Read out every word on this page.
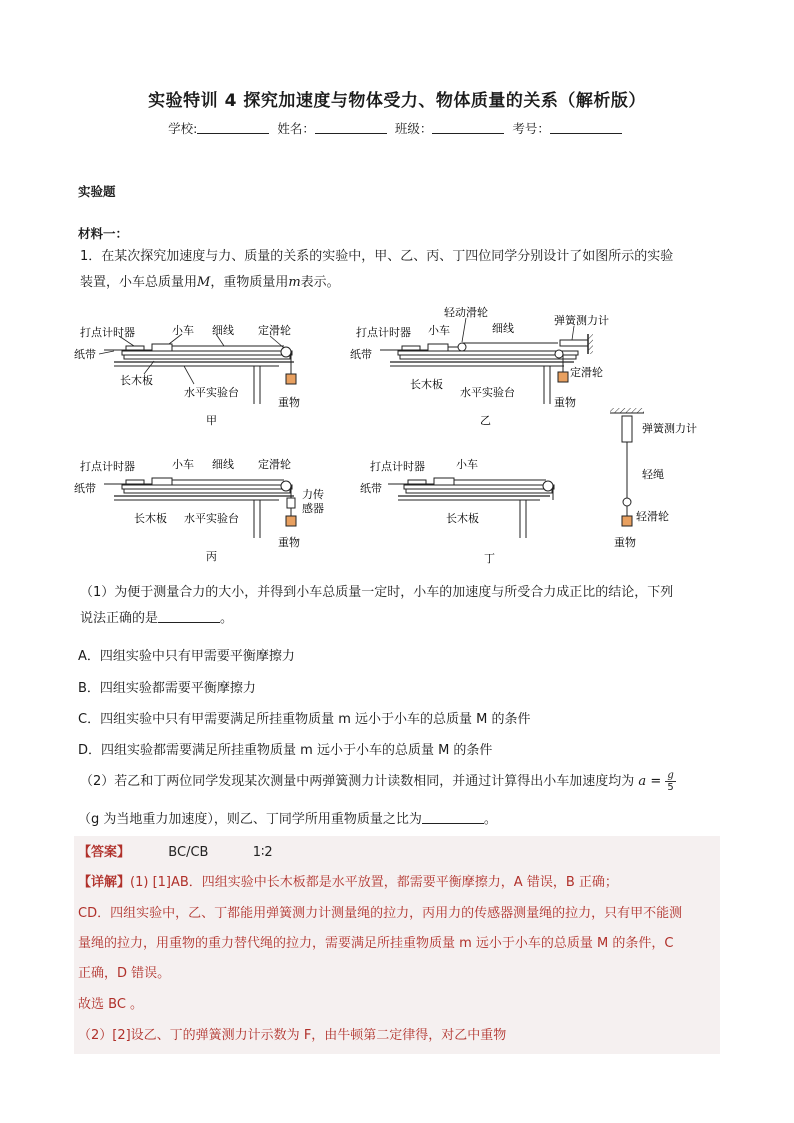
实验特训 4 探究加速度与物体受力、物体质量的关系（解析版）
学校:	姓名：	班级：	考号：
实验题
材料一：
1．在某次探究加速度与力、质量的关系的实验中，甲、乙、丙、丁四位同学分别设计了如图所示的实验
装置，小车总质量用M，重物质量用m表示。
打点计时器	小车 细线 定滑轮
纸带
长木板
水平实验台
重物
甲
轻动滑轮
弹簧测力计
打点计时器 小车	细线
纸带
长木板
水平实验台
定滑轮
重物
乙
打点计时器	小车 细线 定滑轮
纸带	力传
感器
长木板 水平实验台
重物
丙
弹簧测力计
打点计时器	小车
纸带
轻绳
长木板	轻滑轮
重物
丁
（1）为便于测量合力的大小，并得到小车总质量一定时，小车的加速度与所受合力成正比的结论，下列
说法正确的是	。
A．四组实验中只有甲需要平衡摩擦力
B．四组实验都需要平衡摩擦力
C．四组实验中只有甲需要满足所挂重物质量 m 远小于小车的总质量 M 的条件
D．四组实验都需要满足所挂重物质量 m 远小于小车的总质量 M 的条件
（2）若乙和丁两位同学发现某次测量中两弹簧测力计读数相同，并通过计算得出小车加速度均为 $a = \frac{g}{5}$
（g 为当地重力加速度），则乙、丁同学所用重物质量之比为	。
【答案】	BC/CB	1∶2
【详解】(1) [1]AB．四组实验中长木板都是水平放置，都需要平衡摩擦力，A 错误，B 正确；
CD．四组实验中，乙、丁都能用弹簧测力计测量绳的拉力，丙用力的传感器测量绳的拉力，只有甲不能测
量绳的拉力，用重物的重力替代绳的拉力，需要满足所挂重物质量 m 远小于小车的总质量 M 的条件，C
正确，D 错误。
故选 BC 。
（2）[2]设乙、丁的弹簧测力计示数为 F，由牛顿第二定律得，对乙中重物
